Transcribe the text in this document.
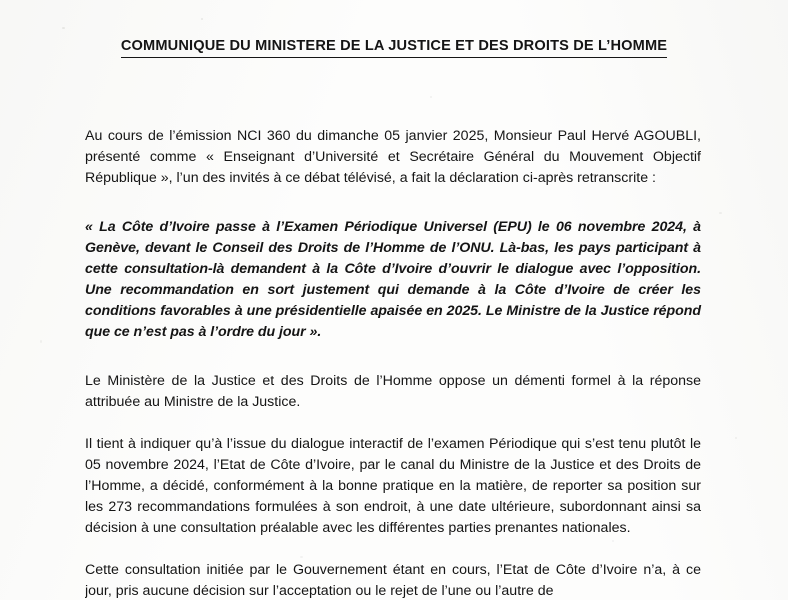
COMMUNIQUE DU MINISTERE DE LA JUSTICE ET DES DROITS DE L’HOMME

Au cours de l’émission NCI 360 du dimanche 05 janvier 2025, Monsieur Paul Hervé AGOUBLI, présenté comme « Enseignant d’Université et Secrétaire Général du Mouvement Objectif République », l’un des invités à ce débat télévisé, a fait la déclaration ci-après retranscrite :

« La Côte d’Ivoire passe à l’Examen Périodique Universel (EPU) le 06 novembre 2024, à Genève, devant le Conseil des Droits de l’Homme de l’ONU. Là-bas, les pays participant à cette consultation-là demandent à la Côte d’Ivoire d’ouvrir le dialogue avec l’opposition. Une recommandation en sort justement qui demande à la Côte d’Ivoire de créer les conditions favorables à une présidentielle apaisée en 2025. Le Ministre de la Justice répond que ce n’est pas à l’ordre du jour ».

Le Ministère de la Justice et des Droits de l’Homme oppose un démenti formel à la réponse attribuée au Ministre de la Justice.

Il tient à indiquer qu’à l’issue du dialogue interactif de l’examen Périodique qui s’est tenu plutôt le 05 novembre 2024, l’Etat de Côte d’Ivoire, par le canal du Ministre de la Justice et des Droits de l’Homme, a décidé, conformément à la bonne pratique en la matière, de reporter sa position sur les 273 recommandations formulées à son endroit, à une date ultérieure, subordonnant ainsi sa décision à une consultation préalable avec les différentes parties prenantes nationales.

Cette consultation initiée par le Gouvernement étant en cours, l’Etat de Côte d’Ivoire n’a, à ce jour, pris aucune décision sur l’acceptation ou le rejet de l’une ou l’autre de
